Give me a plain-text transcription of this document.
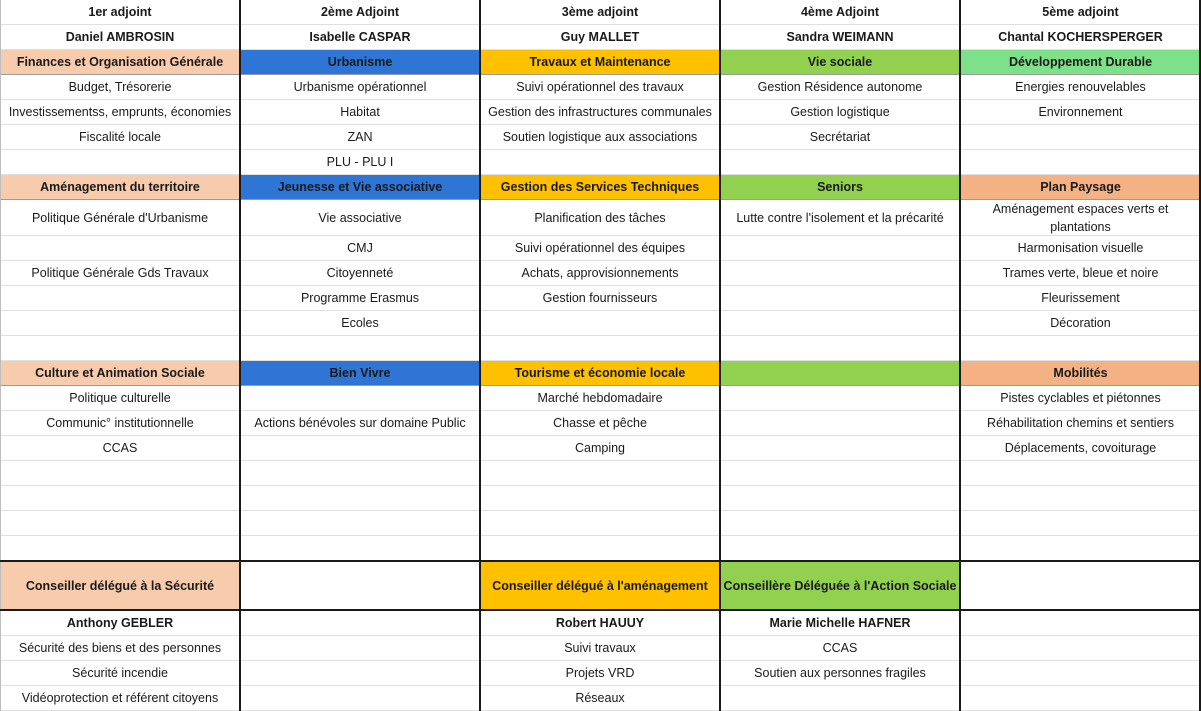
1er adjoint
Daniel AMBROSIN
Finances et Organisation Générale
Budget, Trésorerie
Investissementss, emprunts, économies
Fiscalité locale
Aménagement du territoire
Politique Générale d'Urbanisme
Politique Générale Gds Travaux
Culture et Animation Sociale
Politique culturelle
Communic° institutionnelle
CCAS
Conseiller délégué à la Sécurité
Anthony GEBLER
Sécurité des biens et des personnes
Sécurité incendie
Vidéoprotection et référent citoyens
2ème Adjoint
Isabelle CASPAR
Urbanisme
Urbanisme opérationnel
Habitat
ZAN
PLU - PLU I
Jeunesse et Vie associative
Vie associative
CMJ
Citoyenneté
Programme Erasmus
Ecoles
Bien Vivre
Actions bénévoles sur domaine Public
3ème adjoint
Guy MALLET
Travaux et Maintenance
Suivi opérationnel des travaux
Gestion des infrastructures communales
Soutien logistique aux associations
Gestion des Services Techniques
Planification des tâches
Suivi opérationnel des équipes
Achats, approvisionnements
Gestion fournisseurs
Tourisme et économie locale
Marché hebdomadaire
Chasse et pêche
Camping
Conseiller délégué à l'aménagement
Robert HAUUY
Suivi travaux
Projets VRD
Réseaux
4ème Adjoint
Sandra WEIMANN
Vie sociale
Gestion Résidence autonome
Gestion logistique
Secrétariat
Seniors
Lutte contre l'isolement et la précarité
Conseillère Déléguée à l'Action Sociale
Marie Michelle HAFNER
CCAS
Soutien aux personnes fragiles
5ème adjoint
Chantal KOCHERSPERGER
Développement Durable
Energies renouvelables
Environnement
Plan Paysage
Aménagement espaces verts et plantations
Harmonisation visuelle
Trames verte, bleue et noire
Fleurissement
Décoration
Mobilités
Pistes cyclables et piétonnes
Réhabilitation chemins et sentiers
Déplacements, covoiturage
